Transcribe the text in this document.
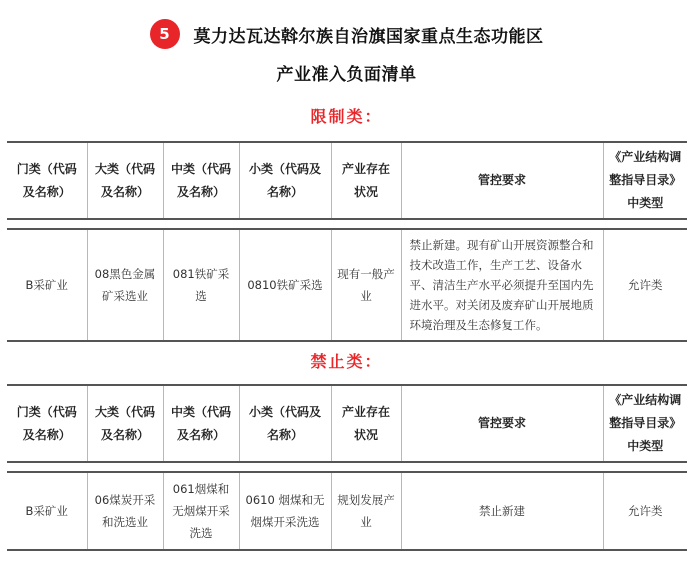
5	莫力达瓦达斡尔族自治旗国家重点生态功能区
产业准入负面清单
限制类：
门类（代码及名称）	大类（代码及名称）	中类（代码及名称）	小类（代码及名称）	产业存在状况	管控要求	《产业结构调整指导目录》中类型

B采矿业	08黑色金属矿采选业	081铁矿采选	0810铁矿采选	现有一般产业	禁止新建。现有矿山开展资源整合和技术改造工作，生产工艺、设备水平、清洁生产水平必须提升至国内先进水平。对关闭及废弃矿山开展地质环境治理及生态修复工作。	允许类
禁止类：
门类（代码及名称）	大类（代码及名称）	中类（代码及名称）	小类（代码及名称）	产业存在状况	管控要求	《产业结构调整指导目录》中类型

B采矿业	06煤炭开采和洗选业	061烟煤和无烟煤开采洗选	0610 烟煤和无烟煤开采洗选	规划发展产业	禁止新建	允许类
